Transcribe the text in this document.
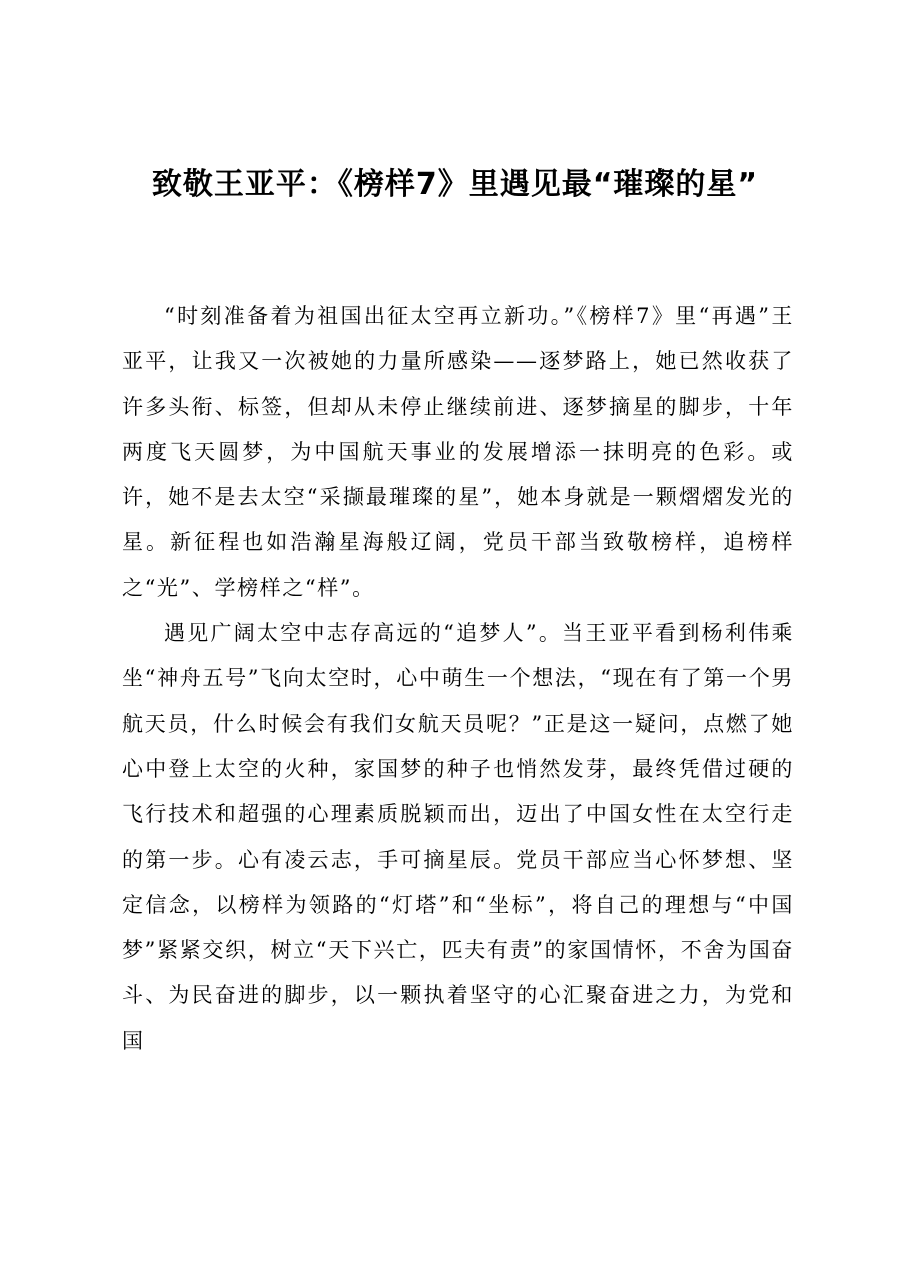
致敬王亚平：《榜样7》里遇见最“璀璨的星”

“时刻准备着为祖国出征太空再立新功。”《榜样7》里“再遇”王亚平，让我又一次被她的力量所感染——逐梦路上，她已然收获了许多头衔、标签，但却从未停止继续前进、逐梦摘星的脚步，十年两度飞天圆梦，为中国航天事业的发展增添一抹明亮的色彩。或许，她不是去太空“采撷最璀璨的星”，她本身就是一颗熠熠发光的星。新征程也如浩瀚星海般辽阔，党员干部当致敬榜样，追榜样之“光”、学榜样之“样”。

遇见广阔太空中志存高远的“追梦人”。当王亚平看到杨利伟乘坐“神舟五号”飞向太空时，心中萌生一个想法，“现在有了第一个男航天员，什么时候会有我们女航天员呢？”正是这一疑问，点燃了她心中登上太空的火种，家国梦的种子也悄然发芽，最终凭借过硬的飞行技术和超强的心理素质脱颖而出，迈出了中国女性在太空行走的第一步。心有凌云志，手可摘星辰。党员干部应当心怀梦想、坚定信念，以榜样为领路的“灯塔”和“坐标”，将自己的理想与“中国梦”紧紧交织，树立“天下兴亡，匹夫有责”的家国情怀，不舍为国奋斗、为民奋进的脚步，以一颗执着坚守的心汇聚奋进之力，为党和国
